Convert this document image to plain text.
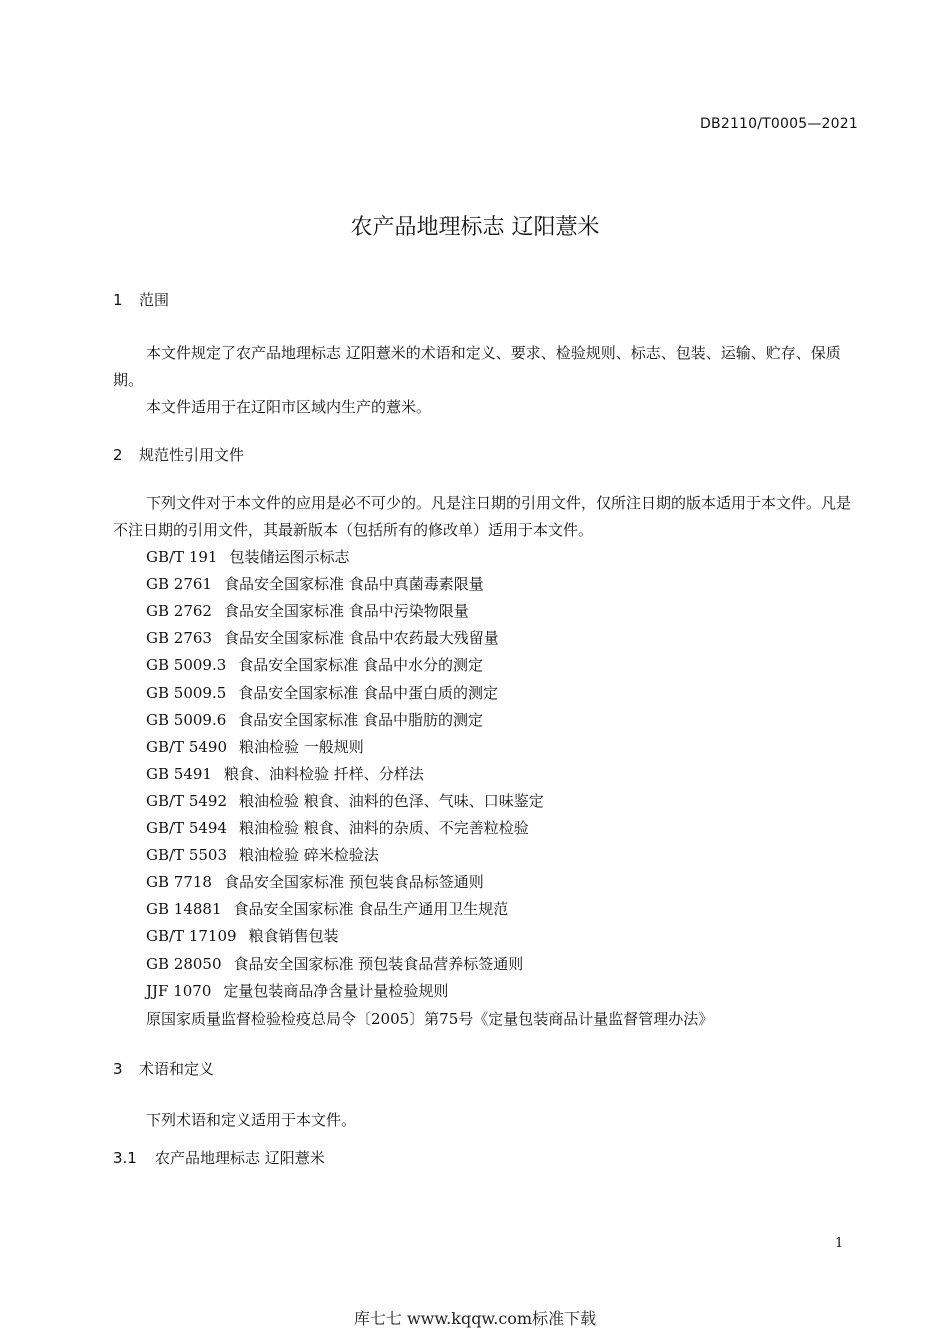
DB2110/T0005—2021
农产品地理标志 辽阳薏米
1 范围
本文件规定了农产品地理标志 辽阳薏米的术语和定义、要求、检验规则、标志、包装、运输、贮存、保质期。
本文件适用于在辽阳市区域内生产的薏米。
2 规范性引用文件
下列文件对于本文件的应用是必不可少的。凡是注日期的引用文件，仅所注日期的版本适用于本文件。凡是不注日期的引用文件，其最新版本（包括所有的修改单）适用于本文件。
GB/T 191 包装储运图示标志
GB 2761 食品安全国家标准 食品中真菌毒素限量
GB 2762 食品安全国家标准 食品中污染物限量
GB 2763 食品安全国家标准 食品中农药最大残留量
GB 5009.3 食品安全国家标准 食品中水分的测定
GB 5009.5 食品安全国家标准 食品中蛋白质的测定
GB 5009.6 食品安全国家标准 食品中脂肪的测定
GB/T 5490 粮油检验 一般规则
GB 5491 粮食、油料检验 扦样、分样法
GB/T 5492 粮油检验 粮食、油料的色泽、气味、口味鉴定
GB/T 5494 粮油检验 粮食、油料的杂质、不完善粒检验
GB/T 5503 粮油检验 碎米检验法
GB 7718 食品安全国家标准 预包装食品标签通则
GB 14881 食品安全国家标准 食品生产通用卫生规范
GB/T 17109 粮食销售包装
GB 28050 食品安全国家标准 预包装食品营养标签通则
JJF 1070 定量包装商品净含量计量检验规则
原国家质量监督检验检疫总局令〔2005〕第75号《定量包装商品计量监督管理办法》
3 术语和定义
下列术语和定义适用于本文件。
3.1 农产品地理标志 辽阳薏米
1
库七七 www.kqqw.com标准下载
